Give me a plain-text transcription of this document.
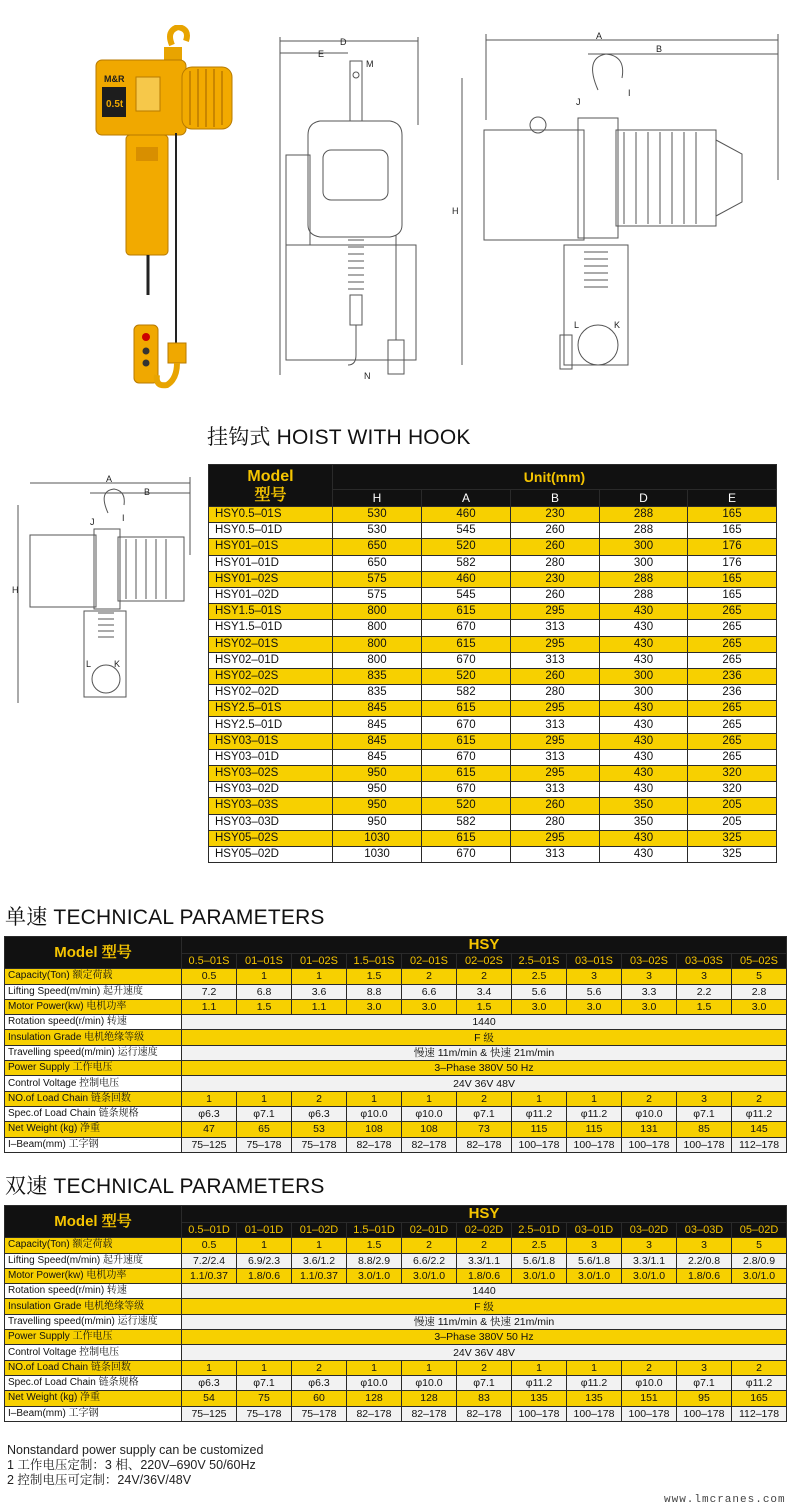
M&R
0.5t
D
E
M
N
A
B
H
J
I
L	K
A
B
H
J	I
L	K
挂钩式 HOIST WITH HOOK
Model
型号	Unit(mm)				
	H	A	B	D	E
HSY0.5–01S	530	460	230	288	165
HSY0.5–01D	530	545	260	288	165
HSY01–01S	650	520	260	300	176
HSY01–01D	650	582	280	300	176
HSY01–02S	575	460	230	288	165
HSY01–02D	575	545	260	288	165
HSY1.5–01S	800	615	295	430	265
HSY1.5–01D	800	670	313	430	265
HSY02–01S	800	615	295	430	265
HSY02–01D	800	670	313	430	265
HSY02–02S	835	520	260	300	236
HSY02–02D	835	582	280	300	236
HSY2.5–01S	845	615	295	430	265
HSY2.5–01D	845	670	313	430	265
HSY03–01S	845	615	295	430	265
HSY03–01D	845	670	313	430	265
HSY03–02S	950	615	295	430	320
HSY03–02D	950	670	313	430	320
HSY03–03S	950	520	260	350	205
HSY03–03D	950	582	280	350	205
HSY05–02S	1030	615	295	430	325
HSY05–02D	1030	670	313	430	325
单速 TECHNICAL PARAMETERS
Model 型号	HSY										
	0.5–01S	01–01S	01–02S	1.5–01S	02–01S	02–02S	2.5–01S	03–01S	03–02S	03–03S	05–02S
Capacity(Ton) 额定荷载	0.5	1	1	1.5	2	2	2.5	3	3	3	5
Lifting Speed(m/min) 起升速度	7.2	6.8	3.6	8.8	6.6	3.4	5.6	5.6	3.3	2.2	2.8
Motor Power(kw) 电机功率	1.1	1.5	1.1	3.0	3.0	1.5	3.0	3.0	3.0	1.5	3.0
Rotation speed(r/min) 转速	1440										
Insulation Grade 电机绝缘等级	F 级										
Travelling speed(m/min) 运行速度	慢速 11m/min & 快速 21m/min										
Power Supply 工作电压	3–Phase 380V 50 Hz										
Control Voltage 控制电压	24V 36V 48V										
NO.of Load Chain 链条回数	1	1	2	1	1	2	1	1	2	3	2
Spec.of Load Chain 链条规格	φ6.3	φ7.1	φ6.3	φ10.0	φ10.0	φ7.1	φ11.2	φ11.2	φ10.0	φ7.1	φ11.2
Net Weight (kg) 净重	47	65	53	108	108	73	115	115	131	85	145
I–Beam(mm) 工字钢	75–125	75–178	75–178	82–178	82–178	82–178	100–178	100–178	100–178	100–178	112–178
双速 TECHNICAL PARAMETERS
Model 型号	HSY										
	0.5–01D	01–01D	01–02D	1.5–01D	02–01D	02–02D	2.5–01D	03–01D	03–02D	03–03D	05–02D
Capacity(Ton) 额定荷载	0.5	1	1	1.5	2	2	2.5	3	3	3	5
Lifting Speed(m/min) 起升速度	7.2/2.4	6.9/2.3	3.6/1.2	8.8/2.9	6.6/2.2	3.3/1.1	5.6/1.8	5.6/1.8	3.3/1.1	2.2/0.8	2.8/0.9
Motor Power(kw) 电机功率	1.1/0.37	1.8/0.6	1.1/0.37	3.0/1.0	3.0/1.0	1.8/0.6	3.0/1.0	3.0/1.0	3.0/1.0	1.8/0.6	3.0/1.0
Rotation speed(r/min) 转速	1440										
Insulation Grade 电机绝缘等级	F 级										
Travelling speed(m/min) 运行速度	慢速 11m/min & 快速 21m/min										
Power Supply 工作电压	3–Phase 380V 50 Hz										
Control Voltage 控制电压	24V 36V 48V										
NO.of Load Chain 链条回数	1	1	2	1	1	2	1	1	2	3	2
Spec.of Load Chain 链条规格	φ6.3	φ7.1	φ6.3	φ10.0	φ10.0	φ7.1	φ11.2	φ11.2	φ10.0	φ7.1	φ11.2
Net Weight (kg) 净重	54	75	60	128	128	83	135	135	151	95	165
I–Beam(mm) 工字钢	75–125	75–178	75–178	82–178	82–178	82–178	100–178	100–178	100–178	100–178	112–178
Nonstandard power supply can be customized
1 工作电压定制：3 相、220V–690V 50/60Hz
2 控制电压可定制：24V/36V/48V
www.lmcranes.com
